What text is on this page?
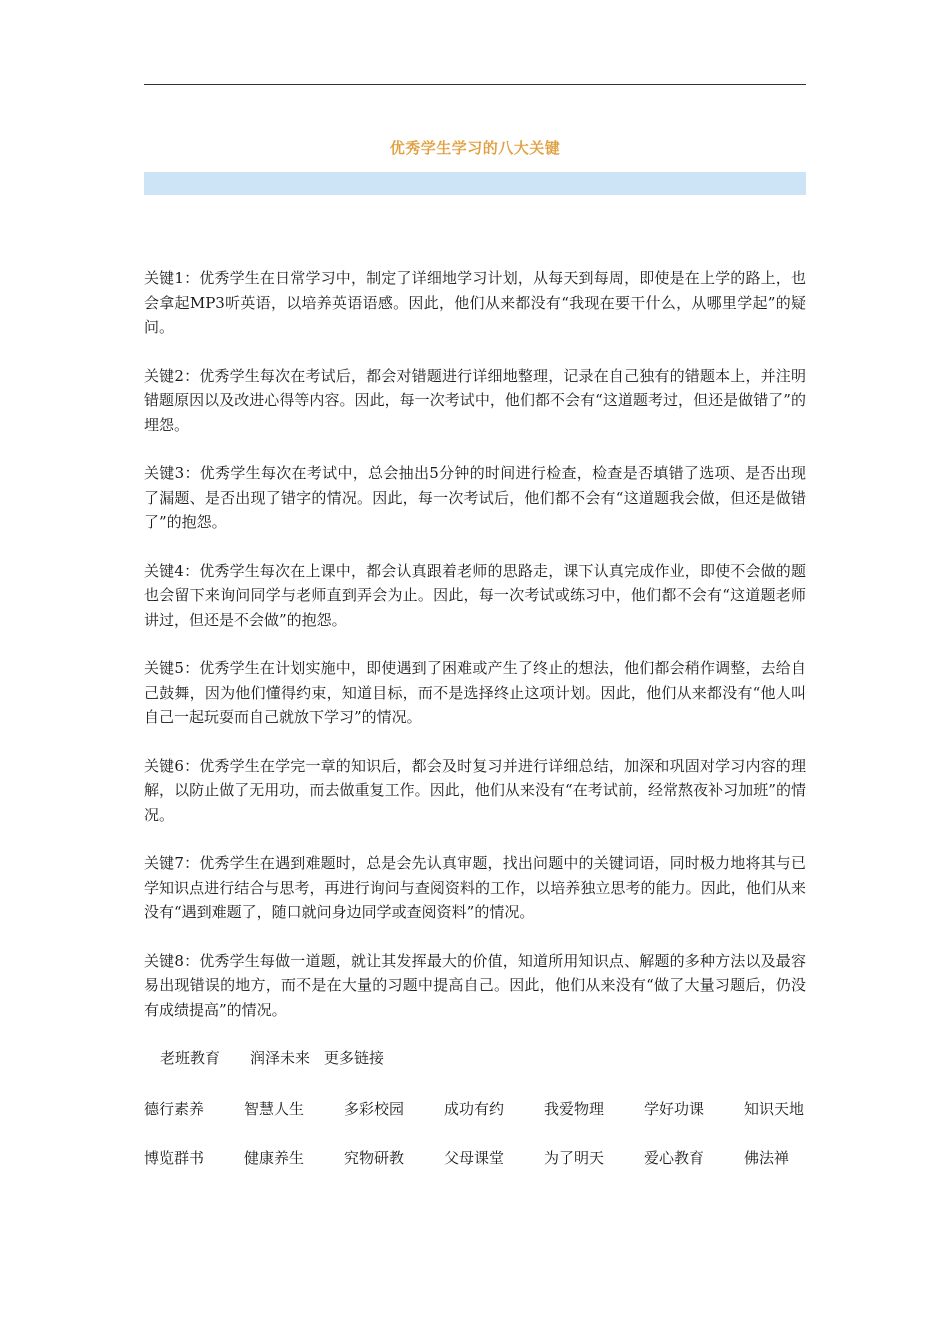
优秀学生学习的八大关键

关键1：优秀学生在日常学习中，制定了详细地学习计划，从每天到每周，即使是在上学的路上，也会拿起MP3听英语，以培养英语语感。因此，他们从来都没有“我现在要干什么，从哪里学起”的疑问。

关键2：优秀学生每次在考试后，都会对错题进行详细地整理，记录在自己独有的错题本上，并注明错题原因以及改进心得等内容。因此，每一次考试中，他们都不会有“这道题考过，但还是做错了”的埋怨。

关键3：优秀学生每次在考试中，总会抽出5分钟的时间进行检查，检查是否填错了选项、是否出现了漏题、是否出现了错字的情况。因此，每一次考试后，他们都不会有“这道题我会做，但还是做错了”的抱怨。

关键4：优秀学生每次在上课中，都会认真跟着老师的思路走，课下认真完成作业，即使不会做的题也会留下来询问同学与老师直到弄会为止。因此，每一次考试或练习中，他们都不会有“这道题老师讲过，但还是不会做”的抱怨。

关键5：优秀学生在计划实施中，即使遇到了困难或产生了终止的想法，他们都会稍作调整，去给自己鼓舞，因为他们懂得约束，知道目标，而不是选择终止这项计划。因此，他们从来都没有“他人叫自己一起玩耍而自己就放下学习”的情况。

关键6：优秀学生在学完一章的知识后，都会及时复习并进行详细总结，加深和巩固对学习内容的理解，以防止做了无用功，而去做重复工作。因此，他们从来没有“在考试前，经常熬夜补习加班”的情况。

关键7：优秀学生在遇到难题时，总是会先认真审题，找出问题中的关键词语，同时极力地将其与已学知识点进行结合与思考，再进行询问与查阅资料的工作，以培养独立思考的能力。因此，他们从来没有“遇到难题了，随口就问身边同学或查阅资料”的情况。

关键8：优秀学生每做一道题，就让其发挥最大的价值，知道所用知识点、解题的多种方法以及最容易出现错误的地方，而不是在大量的习题中提高自己。因此，他们从来没有“做了大量习题后，仍没有成绩提高”的情况。

老班教育 润泽未来 更多链接
德行素养	智慧人生	多彩校园	成功有约	我爱物理	学好功课	知识天地
博览群书	健康养生	究物研教	父母课堂	为了明天	爱心教育	佛法禅
